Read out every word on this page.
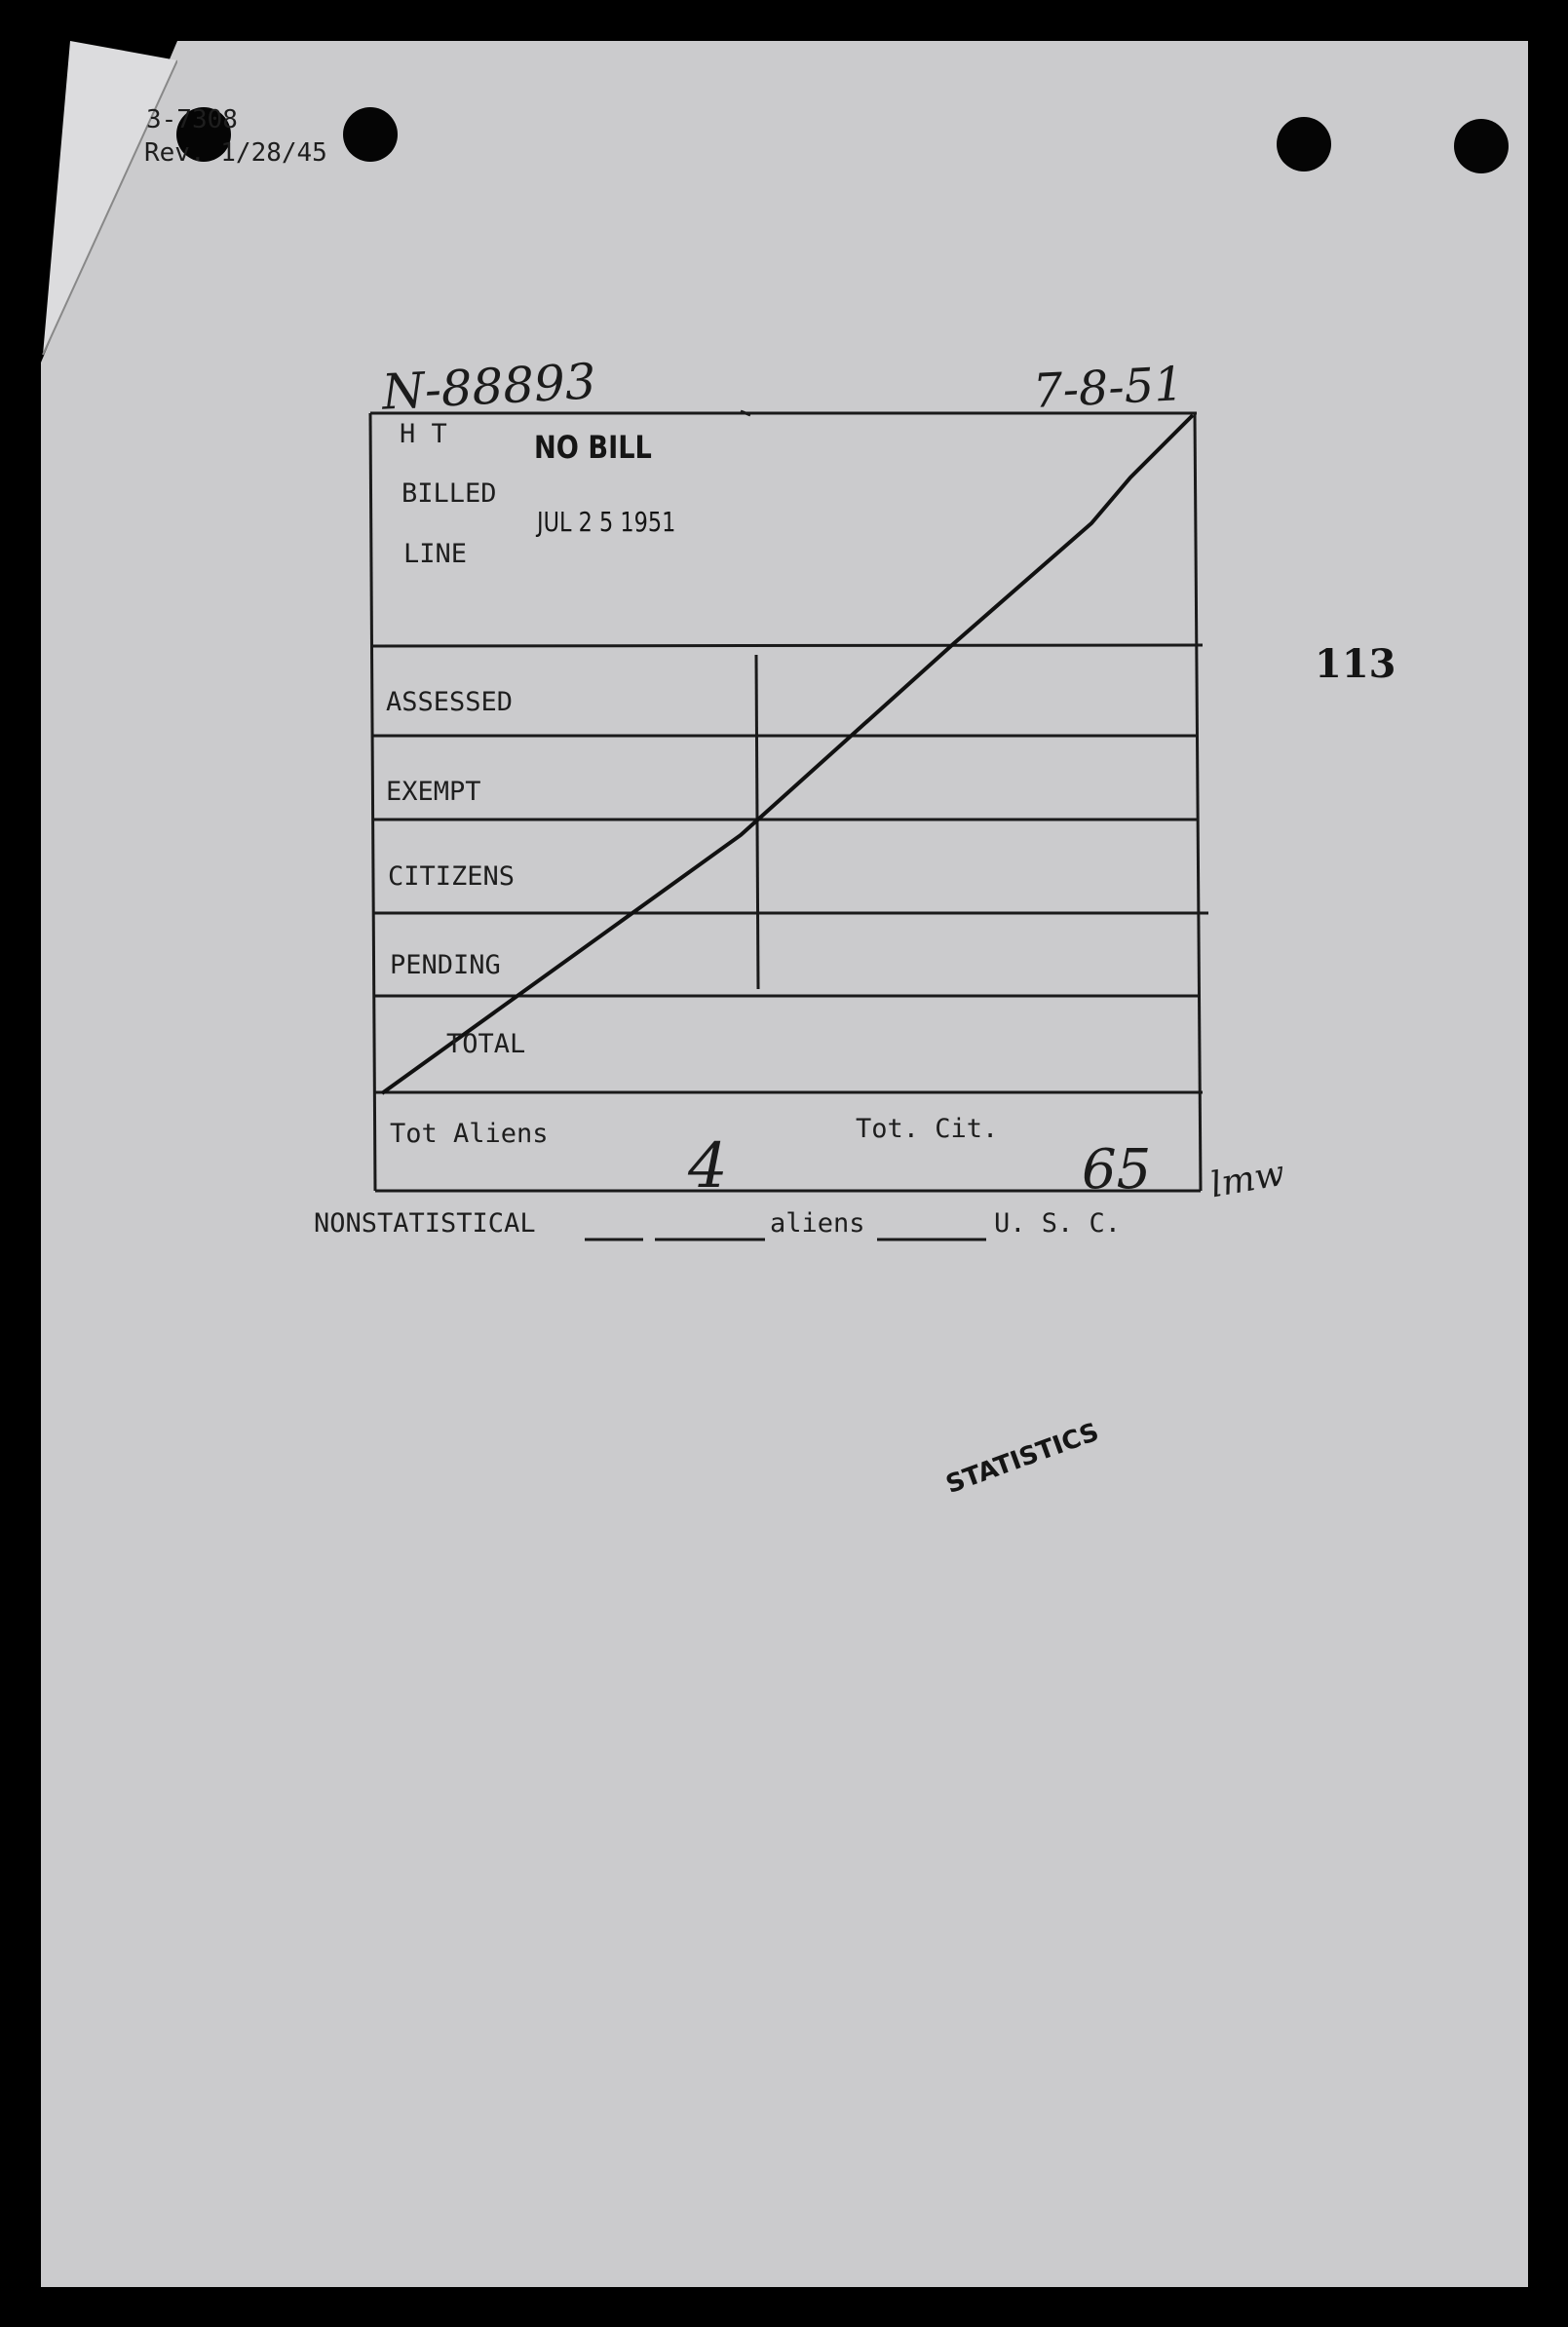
3-7308
Rev. 1/28/45
N-88893	7-8-51
H T
BILLED
LINE
NO BILL
JUL 2 5 1951
113
ASSESSED
EXEMPT
CITIZENS
PENDING
TOTAL
Tot Aliens	Tot. Cit.
4	65 lmw
NONSTATISTICAL	aliens	U. S. C.
STATISTICS
